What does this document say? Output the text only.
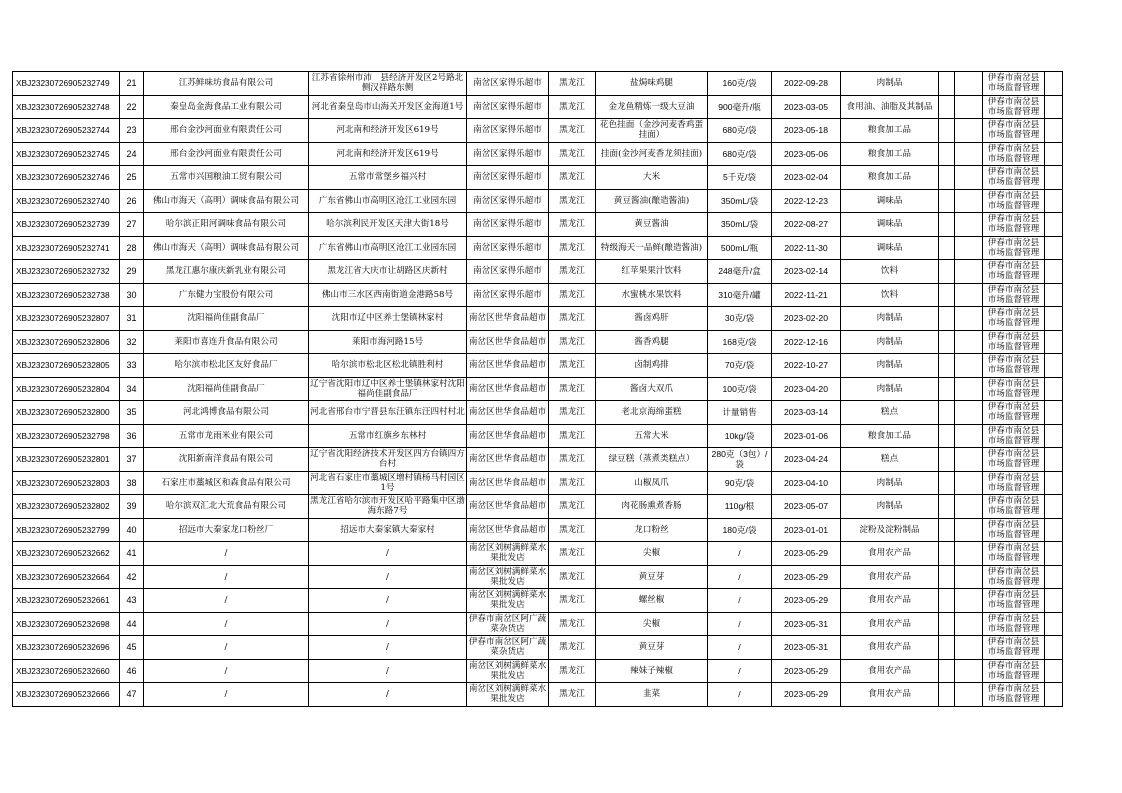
XBJ23230726905232749	21	江苏鲜味坊食品有限公司	江苏省徐州市沛　县经济开发区2号路北侧汉祥路东侧	南岔区家得乐超市	黑龙江	盐焗味鸡腿	160克/袋	2022-09-28	肉制品			伊春市南岔县市场监督管理	
XBJ23230726905232748	22	秦皇岛金海食品工业有限公司	河北省秦皇岛市山海关开发区金海道1号	南岔区家得乐超市	黑龙江	金龙鱼精炼一级大豆油	900毫升/瓶	2023-03-05	食用油、油脂及其制品			伊春市南岔县市场监督管理	
XBJ23230726905232744	23	邢台金沙河面业有限责任公司	河北南和经济开发区619号	南岔区家得乐超市	黑龙江	花色挂面（金沙河麦香鸡蛋挂面）	680克/袋	2023-05-18	粮食加工品			伊春市南岔县市场监督管理	
XBJ23230726905232745	24	邢台金沙河面业有限责任公司	河北南和经济开发区619号	南岔区家得乐超市	黑龙江	挂面(金沙河麦香龙须挂面)	680克/袋	2023-05-06	粮食加工品			伊春市南岔县市场监督管理	
XBJ23230726905232746	25	五常市兴国粮油工贸有限公司	五常市常堡乡福兴村	南岔区家得乐超市	黑龙江	大米	5千克/袋	2023-02-04	粮食加工品			伊春市南岔县市场监督管理	
XBJ23230726905232740	26	佛山市海天（高明）调味食品有限公司	广东省佛山市高明区沧江工业园东园	南岔区家得乐超市	黑龙江	黄豆酱油(酿造酱油)	350mL/袋	2022-12-23	调味品			伊春市南岔县市场监督管理	
XBJ23230726905232739	27	哈尔滨正阳河调味食品有限公司	哈尔滨利民开发区天津大街18号	南岔区家得乐超市	黑龙江	黄豆酱油	350mL/袋	2022-08-27	调味品			伊春市南岔县市场监督管理	
XBJ23230726905232741	28	佛山市海天（高明）调味食品有限公司	广东省佛山市高明区沧江工业园东园	南岔区家得乐超市	黑龙江	特级海天一品鲜(酿造酱油)	500mL/瓶	2022-11-30	调味品			伊春市南岔县市场监督管理	
XBJ23230726905232732	29	黑龙江惠尔康庆新乳业有限公司	黑龙江省大庆市让胡路区庆新村	南岔区家得乐超市	黑龙江	红苹果果汁饮料	248毫升/盒	2023-02-14	饮料			伊春市南岔县市场监督管理	
XBJ23230726905232738	30	广东健力宝股份有限公司	佛山市三水区西南街道金港路58号	南岔区家得乐超市	黑龙江	水蜜桃水果饮料	310毫升/罐	2022-11-21	饮料			伊春市南岔县市场监督管理	
XBJ23230726905232807	31	沈阳福尚佳副食品厂	沈阳市辽中区养士堡镇林家村	南岔区世华食品超市	黑龙江	酱卤鸡肝	30克/袋	2023-02-20	肉制品			伊春市南岔县市场监督管理	
XBJ23230726905232806	32	莱阳市喜连升食品有限公司	莱阳市海河路15号	南岔区世华食品超市	黑龙江	酱香鸡腿	168克/袋	2022-12-16	肉制品			伊春市南岔县市场监督管理	
XBJ23230726905232805	33	哈尔滨市松北区友好食品厂	哈尔滨市松北区松北镇胜利村	南岔区世华食品超市	黑龙江	卤制鸡排	70克/袋	2022-10-27	肉制品			伊春市南岔县市场监督管理	
XBJ23230726905232804	34	沈阳福尚佳副食品厂	辽宁省沈阳市辽中区养士堡镇林家村沈阳福尚佳副食品厂	南岔区世华食品超市	黑龙江	酱卤大双爪	100克/袋	2023-04-20	肉制品			伊春市南岔县市场监督管理	
XBJ23230726905232800	35	河北鸿博食品有限公司	河北省邢台市宁晋县东汪镇东汪四村村北	南岔区世华食品超市	黑龙江	老北京海绵蛋糕	计量销售	2023-03-14	糕点			伊春市南岔县市场监督管理	
XBJ23230726905232798	36	五常市龙雨米业有限公司	五常市红旗乡东林村	南岔区世华食品超市	黑龙江	五常大米	10kg/袋	2023-01-06	粮食加工品			伊春市南岔县市场监督管理	
XBJ23230726905232801	37	沈阳新南洋食品有限公司	辽宁省沈阳经济技术开发区四方台镇四方台村	南岔区世华食品超市	黑龙江	绿豆糕（蒸煮类糕点）	280克（3包）/袋	2023-04-24	糕点			伊春市南岔县市场监督管理	
XBJ23230726905232803	38	石家庄市藁城区和森食品有限公司	河北省石家庄市藁城区增村镇杨马村园区1号	南岔区世华食品超市	黑龙江	山椒凤爪	90克/袋	2023-04-10	肉制品			伊春市南岔县市场监督管理	
XBJ23230726905232802	39	哈尔滨双汇北大荒食品有限公司	黑龙江省哈尔滨市开发区哈平路集中区渤海东路7号	南岔区世华食品超市	黑龙江	肉花肠熏煮香肠	110g/根	2023-05-07	肉制品			伊春市南岔县市场监督管理	
XBJ23230726905232799	40	招远市大秦家龙口粉丝厂	招远市大秦家镇大秦家村	南岔区世华食品超市	黑龙江	龙口粉丝	180克/袋	2023-01-01	淀粉及淀粉制品			伊春市南岔县市场监督管理	
XBJ23230726905232662	41	/	/	南岔区刘树满鲜菜水果批发店	黑龙江	尖椒	/	2023-05-29	食用农产品			伊春市南岔县市场监督管理	
XBJ23230726905232664	42	/	/	南岔区刘树满鲜菜水果批发店	黑龙江	黄豆芽	/	2023-05-29	食用农产品			伊春市南岔县市场监督管理	
XBJ23230726905232661	43	/	/	南岔区刘树满鲜菜水果批发店	黑龙江	螺丝椒	/	2023-05-29	食用农产品			伊春市南岔县市场监督管理	
XBJ23230726905232698	44	/	/	伊春市南岔区阿广蔬菜杂货店	黑龙江	尖椒	/	2023-05-31	食用农产品			伊春市南岔县市场监督管理	
XBJ23230726905232696	45	/	/	伊春市南岔区阿广蔬菜杂货店	黑龙江	黄豆芽	/	2023-05-31	食用农产品			伊春市南岔县市场监督管理	
XBJ23230726905232660	46	/	/	南岔区刘树满鲜菜水果批发店	黑龙江	辣妹子辣椒	/	2023-05-29	食用农产品			伊春市南岔县市场监督管理	
XBJ23230726905232666	47	/	/	南岔区刘树满鲜菜水果批发店	黑龙江	韭菜	/	2023-05-29	食用农产品			伊春市南岔县市场监督管理	
